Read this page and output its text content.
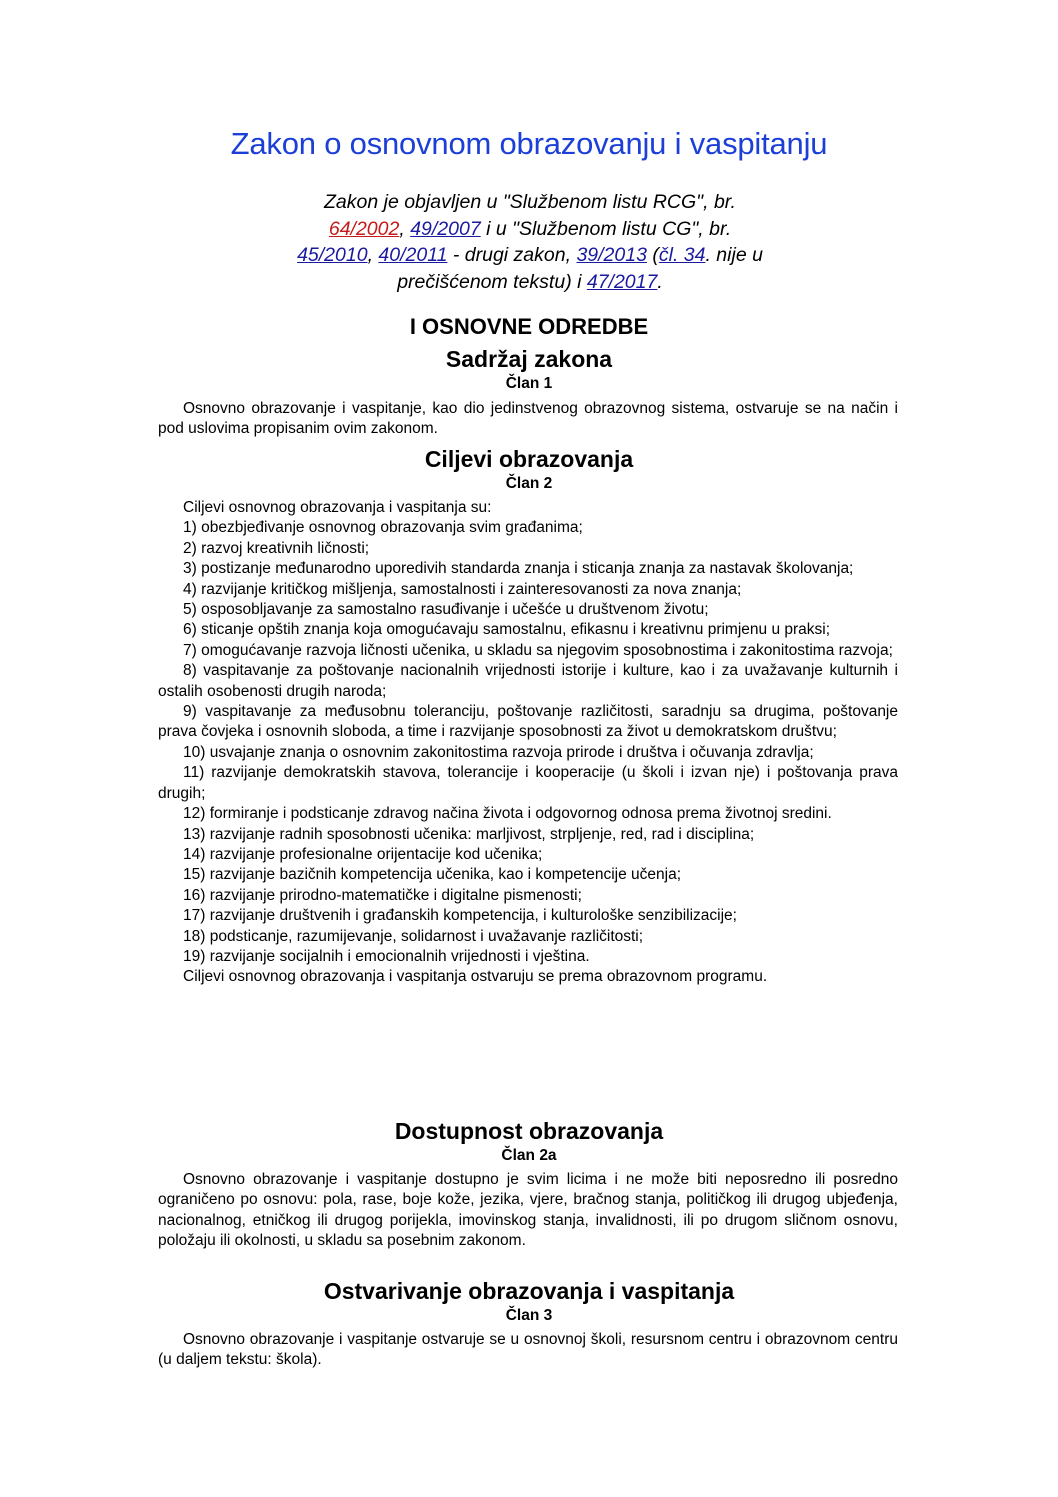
Zakon o osnovnom obrazovanju i vaspitanju

Zakon je objavljen u "Službenom listu RCG", br.
64/2002, 49/2007 i u "Službenom listu CG", br.
45/2010, 40/2011 - drugi zakon, 39/2013 (čl. 34. nije u prečišćenom tekstu) i 47/2017.

I OSNOVNE ODREDBE
Sadržaj zakona
Član 1

Osnovno obrazovanje i vaspitanje, kao dio jedinstvenog obrazovnog sistema, ostvaruje se na način i pod uslovima propisanim ovim zakonom.

Ciljevi obrazovanja
Član 2
Ciljevi osnovnog obrazovanja i vaspitanja su:
1) obezbjeđivanje osnovnog obrazovanja svim građanima;
2) razvoj kreativnih ličnosti;
3) postizanje međunarodno uporedivih standarda znanja i sticanja znanja za nastavak školovanja;
4) razvijanje kritičkog mišljenja, samostalnosti i zainteresovanosti za nova znanja;
5) osposobljavanje za samostalno rasuđivanje i učešće u društvenom životu;
6) sticanje opštih znanja koja omogućavaju samostalnu, efikasnu i kreativnu primjenu u praksi;
7) omogućavanje razvoja ličnosti učenika, u skladu sa njegovim sposobnostima i zakonitostima razvoja;
8) vaspitavanje za poštovanje nacionalnih vrijednosti istorije i kulture, kao i za uvažavanje kulturnih i ostalih osobenosti drugih naroda;
9) vaspitavanje za međusobnu toleranciju, poštovanje različitosti, saradnju sa drugima, poštovanje prava čovjeka i osnovnih sloboda, a time i razvijanje sposobnosti za život u demokratskom društvu;
10) usvajanje znanja o osnovnim zakonitostima razvoja prirode i društva i očuvanja zdravlja;
11) razvijanje demokratskih stavova, tolerancije i kooperacije (u školi i izvan nje) i poštovanja prava drugih;
12) formiranje i podsticanje zdravog načina života i odgovornog odnosa prema životnoj sredini.
13) razvijanje radnih sposobnosti učenika: marljivost, strpljenje, red, rad i disciplina;
14) razvijanje profesionalne orijentacije kod učenika;
15) razvijanje bazičnih kompetencija učenika, kao i kompetencije učenja;
16) razvijanje prirodno-matematičke i digitalne pismenosti;
17) razvijanje društvenih i građanskih kompetencija, i kulturološke senzibilizacije;
18) podsticanje, razumijevanje, solidarnost i uvažavanje različitosti;
19) razvijanje socijalnih i emocionalnih vrijednosti i vještina.
Ciljevi osnovnog obrazovanja i vaspitanja ostvaruju se prema obrazovnom programu.
Dostupnost obrazovanja
Član 2a

Osnovno obrazovanje i vaspitanje dostupno je svim licima i ne može biti neposredno ili posredno ograničeno po osnovu: pola, rase, boje kože, jezika, vjere, bračnog stanja, političkog ili drugog ubjeđenja, nacionalnog, etničkog ili drugog porijekla, imovinskog stanja, invalidnosti, ili po drugom sličnom osnovu, položaju ili okolnosti, u skladu sa posebnim zakonom.

Ostvarivanje obrazovanja i vaspitanja
Član 3

Osnovno obrazovanje i vaspitanje ostvaruje se u osnovnoj školi, resursnom centru i obrazovnom centru (u daljem tekstu: škola).
